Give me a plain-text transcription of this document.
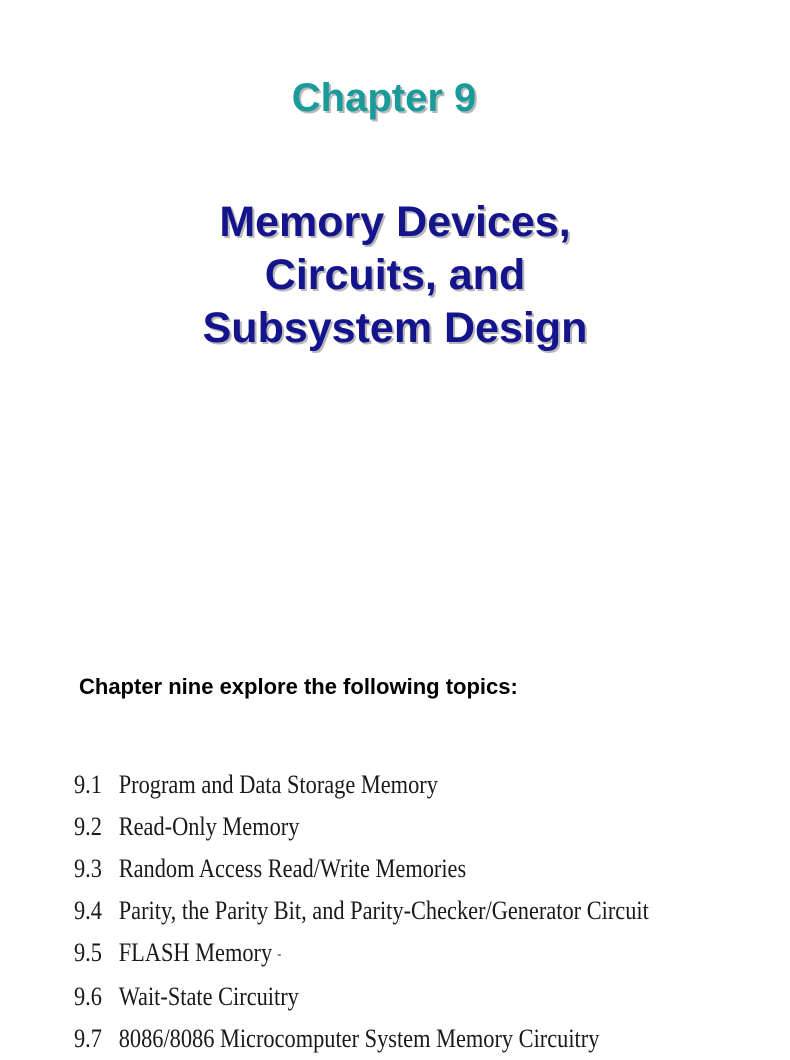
Chapter 9
Memory Devices,
Circuits, and
Subsystem Design

Chapter nine explore the following topics:

9.1 Program and Data Storage Memory
9.2 Read-Only Memory
9.3 Random Access Read/Write Memories
9.4 Parity, the Parity Bit, and Parity-Checker/Generator Circuit
9.5 FLASH Memory -
9.6 Wait-State Circuitry
9.7 8086/8086 Microcomputer System Memory Circuitry
